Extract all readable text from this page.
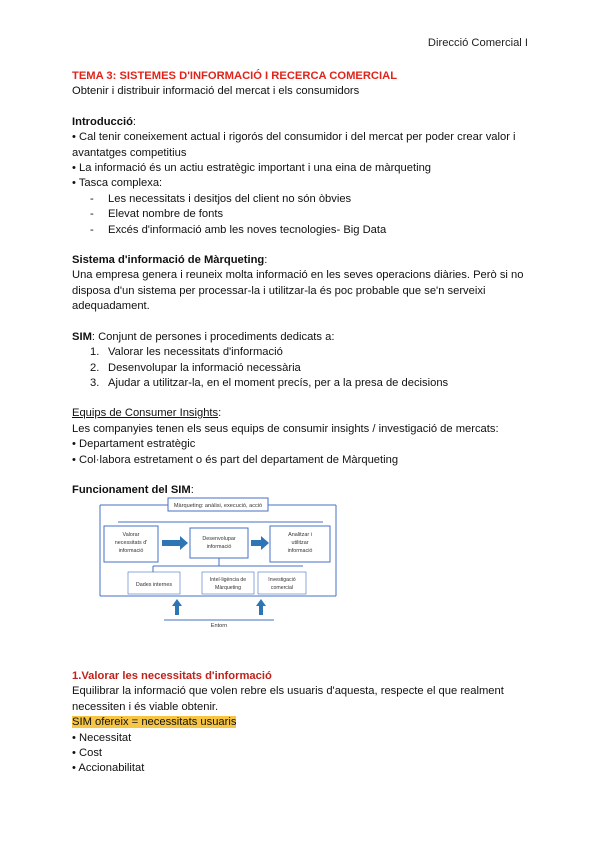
Direcció Comercial I

TEMA 3: SISTEMES D'INFORMACIÓ I RECERCA COMERCIAL

Obtenir i distribuir informació del mercat i els consumidors

Introducció:

• Cal tenir coneixement actual i rigorós del consumidor i del mercat per poder crear valor i avantatges competitius

• La informació és un actiu estratègic important i una eina de màrqueting

• Tasca complexa:

- Les necessitats i desitjos del client no són òbvies
- Elevat nombre de fonts
- Excés d'informació amb les noves tecnologies- Big Data

Sistema d'informació de Màrqueting:

Una empresa genera i reuneix molta informació en les seves operacions diàries. Però si no disposa d'un sistema per processar-la i utilitzar-la és poc probable que se'n serveixi adequadament.

SIM: Conjunt de persones i procediments dedicats a:

1. Valorar les necessitats d'informació
2. Desenvolupar la informació necessària
3. Ajudar a utilitzar-la, en el moment precís, per a la presa de decisions

Equips de Consumer Insights:

Les companyies tenen els seus equips de consumir insights / investigació de mercats:

• Departament estratègic

• Col·labora estretament o és part del departament de Màrqueting

Funcionament del SIM:

Màrqueting: anàlisi, execució, acció
Valorar
necessitats d'
informació
Desenvolupar
informació
Analitzar i
utilitzar
informació
Dades internes
Intel·ligència de
Màrqueting
Investigació
comercial
Entorn

1.Valorar les necessitats d'informació

Equilibrar la informació que volen rebre els usuaris d'aquesta, respecte el que realment necessiten i és viable obtenir.

SIM ofereix = necessitats usuaris

• Necessitat

• Cost

• Accionabilitat
